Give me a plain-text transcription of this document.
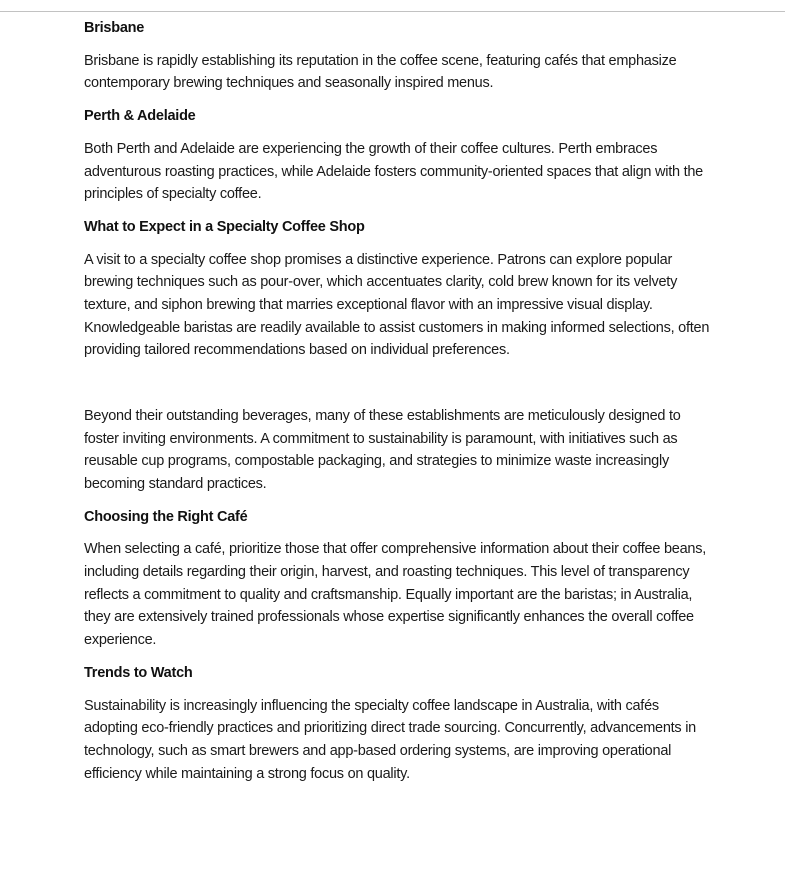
Brisbane

Brisbane is rapidly establishing its reputation in the coffee scene, featuring cafés that emphasize contemporary brewing techniques and seasonally inspired menus.

Perth & Adelaide

Both Perth and Adelaide are experiencing the growth of their coffee cultures. Perth embraces adventurous roasting practices, while Adelaide fosters community-oriented spaces that align with the principles of specialty coffee.

What to Expect in a Specialty Coffee Shop

A visit to a specialty coffee shop promises a distinctive experience. Patrons can explore popular brewing techniques such as pour-over, which accentuates clarity, cold brew known for its velvety texture, and siphon brewing that marries exceptional flavor with an impressive visual display. Knowledgeable baristas are readily available to assist customers in making informed selections, often providing tailored recommendations based on individual preferences.

Beyond their outstanding beverages, many of these establishments are meticulously designed to foster inviting environments. A commitment to sustainability is paramount, with initiatives such as reusable cup programs, compostable packaging, and strategies to minimize waste increasingly becoming standard practices.

Choosing the Right Café

When selecting a café, prioritize those that offer comprehensive information about their coffee beans, including details regarding their origin, harvest, and roasting techniques. This level of transparency reflects a commitment to quality and craftsmanship. Equally important are the baristas; in Australia, they are extensively trained professionals whose expertise significantly enhances the overall coffee experience.

Trends to Watch

Sustainability is increasingly influencing the specialty coffee landscape in Australia, with cafés adopting eco-friendly practices and prioritizing direct trade sourcing. Concurrently, advancements in technology, such as smart brewers and app-based ordering systems, are improving operational efficiency while maintaining a strong focus on quality.
